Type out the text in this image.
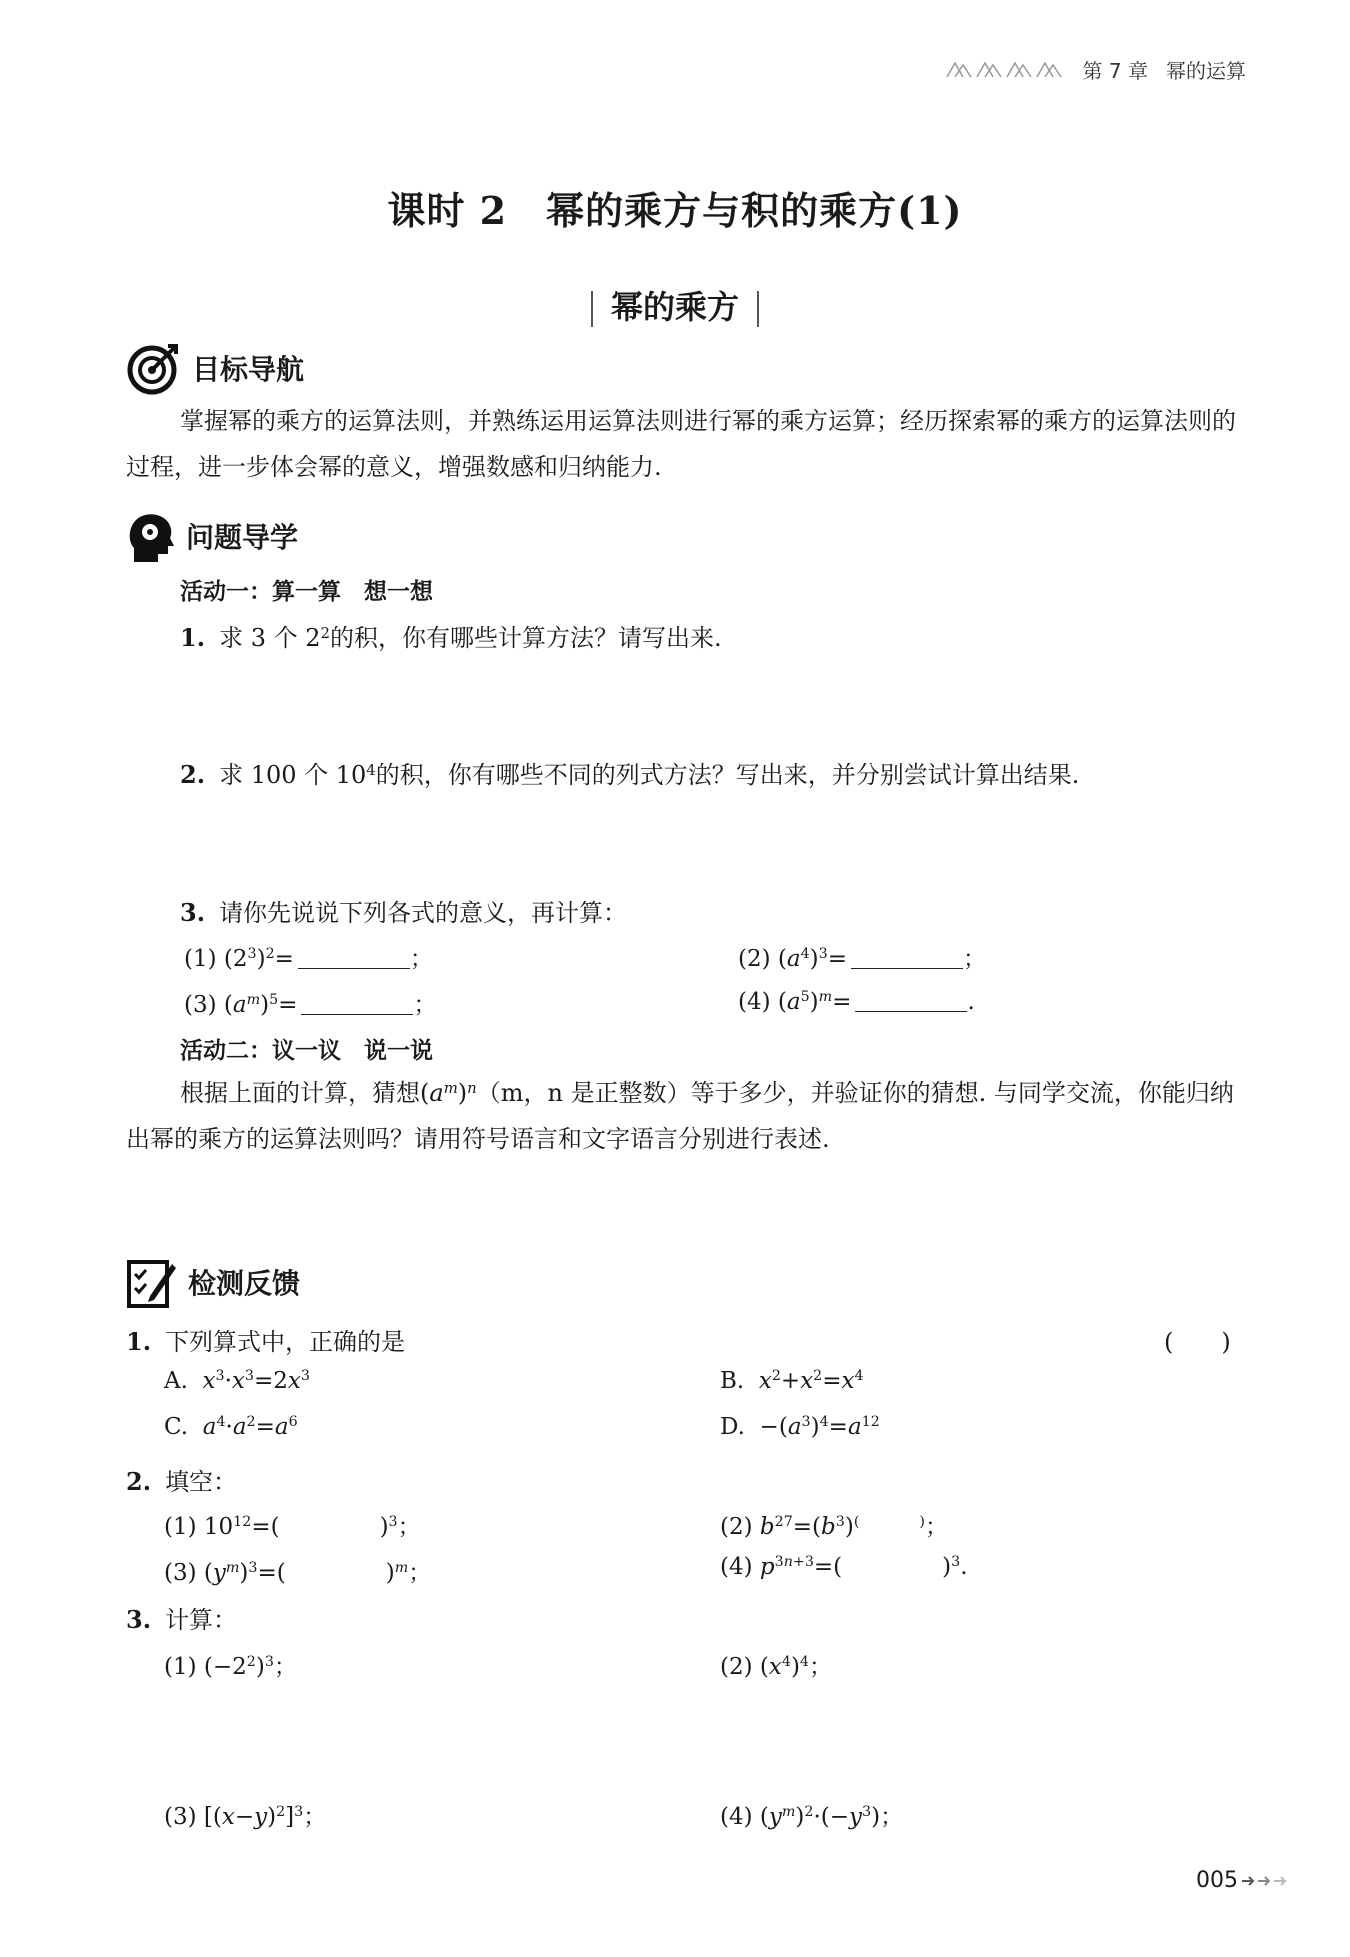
第 7 章 幂的运算
课时 2　幂的乘方与积的乘方(1)
幂的乘方
目标导航
掌握幂的乘方的运算法则，并熟练运用运算法则进行幂的乘方运算；经历探索幂的乘方的运算法则的过程，进一步体会幂的意义，增强数感和归纳能力.
问题导学
活动一：算一算　想一想
1. 求 3 个 $2^2$的积，你有哪些计算方法？请写出来.
2. 求 100 个 $10^4$的积，你有哪些不同的列式方法？写出来，并分别尝试计算出结果.
3. 请你先说说下列各式的意义，再计算：
(1) $(2^3)^2=$	；	(2) $(a^4)^3=$	；
(3) $(a^m)^5=$	；	(4) $(a^5)^m=$	.
活动二：议一议　说一说
根据上面的计算，猜想$(a^m)^n(m$，n 是正整数）等于多少，并验证你的猜想. 与同学交流，你能归纳出幂的乘方的运算法则吗？请用符号语言和文字语言分别进行表述.
检测反馈
1. 下列算式中，正确的是	(　　)
A.  $x^3\cdot x^3=2x^3$	B.  $x^2+x^2=x^4$
C.  $a^4\cdot a^2=a^6$	D.  $-(a^3)^4=a^{12}$
2. 填空：
(1) $10^{12}=$(	)$^3$；	(2) $b^{27}=(b^3)^{( )}$；
(3) $(y^m)^3=$(	)$^m$；	(4) $p^{3n+3}=$(	)$^3$.
3. 计算：
(1) $(-2^2)^3$；	(2) $(x^4)^4$；
(3) $[(x-y)^2]^3$；	(4) $(y^m)^2\cdot(-y^3)$；
005
